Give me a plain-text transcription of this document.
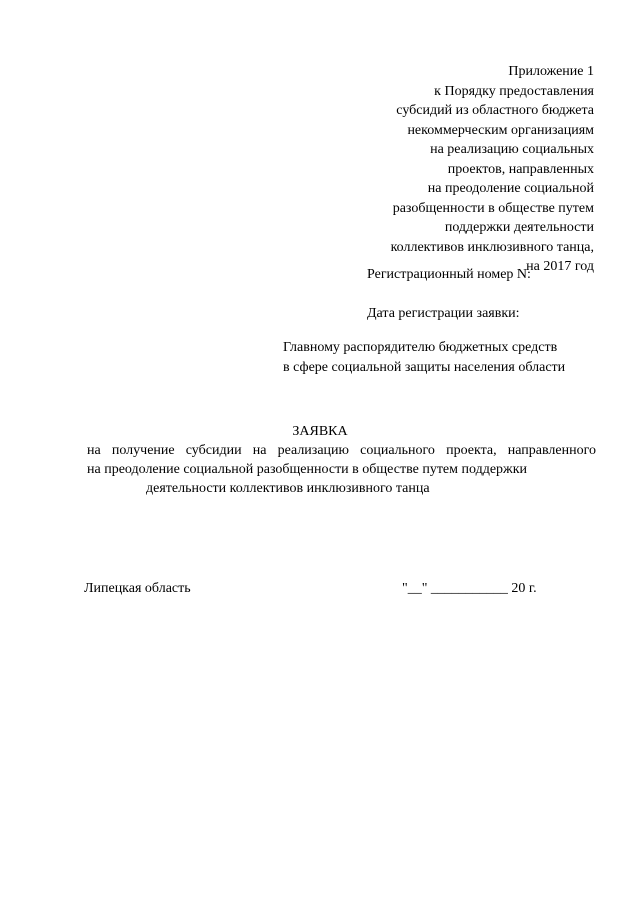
Приложение 1
к Порядку предоставления
субсидий из областного бюджета
некоммерческим организациям
на реализацию социальных
проектов, направленных
на преодоление социальной
разобщенности в обществе путем
поддержки деятельности
коллективов инклюзивного танца,
на 2017 год
Регистрационный номер N:
Дата регистрации заявки:
Главному распорядителю бюджетных средств
в сфере социальной защиты населения области
ЗАЯВКА
на получение субсидии на реализацию социального проекта, направленного
на преодоление социальной разобщенности в обществе путем поддержки
деятельности коллективов инклюзивного танца
Липецкая область	"__" ___________ 20 г.
